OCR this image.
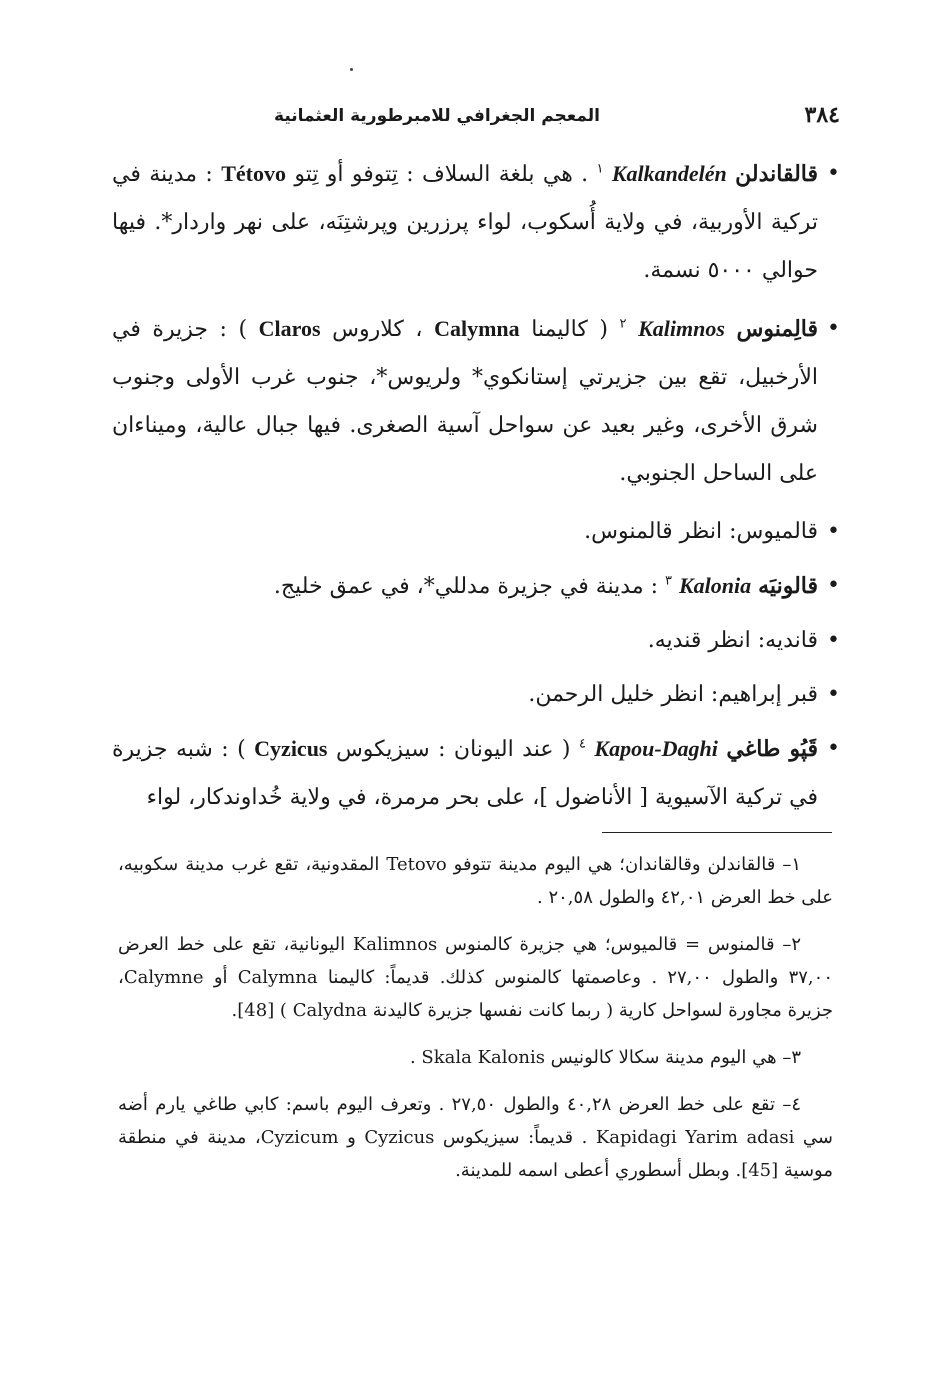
٣٨٤
المعجم الجغرافي للامبرطورية العثمانية

•
قالقاندلن Kalkandelén $^١$ . هي بلغة السلاف : تِتوفو أو تِتو Tétovo : مدينة في تركية الأوربية، في ولاية أُسكوب، لواء پرزرين وپرشتِنَه، على نهر واردار*. فيها حوالي ٥٠٠٠ نسمة.

•
قالِمنوس Kalimnos $^٢$ ( كاليمنا Calymna ، كلاروس Claros ) : جزيرة في الأرخبيل، تقع بين جزيرتي إستانكوي* ولريوس*، جنوب غرب الأولى وجنوب شرق الأخرى، وغير بعيد عن سواحل آسية الصغرى. فيها جبال عالية، وميناءان على الساحل الجنوبي.

•
قالميوس: انظر قالمنوس.

•
قالونيَه Kalonia $^٣$ : مدينة في جزيرة مدللي*، في عمق خليج.

•
قانديه: انظر قنديه.

•
قبر إبراهيم: انظر خليل الرحمن.

•
قَپُو طاغي Kapou-Daghi $^٤$ ( عند اليونان : سيزيكوس Cyzicus ) : شبه جزيرة في تركية الآسيوية [ الأناضول ]، على بحر مرمرة، في ولاية خُداوندكار، لواء

١– قالقاندلن وقالقاندان؛ هي اليوم مدينة تتوفو Tetovo المقدونية، تقع غرب مدينة سكوبيه، على خط العرض ٤٢,٠١ والطول ٢٠,٥٨ .

٢– قالمنوس = قالميوس؛ هي جزيرة كالمنوس Kalimnos اليونانية، تقع على خط العرض ٣٧,٠٠ والطول ٢٧,٠٠ . وعاصمتها كالمنوس كذلك. قديماً: كاليمنا Calymna أو Calymne، جزيرة مجاورة لسواحل كارية ( ربما كانت نفسها جزيرة كاليدنة Calydna ) [48].

٣– هي اليوم مدينة سكالا كالونيس Skala Kalonis .

٤– تقع على خط العرض ٤٠,٢٨ والطول ٢٧,٥٠ . وتعرف اليوم باسم: كابي طاغي يارم أضه سي Kapidagi Yarim adasi . قديماً: سيزيكوس Cyzicus و Cyzicum، مدينة في منطقة موسية [45]. وبطل أسطوري أعطى اسمه للمدينة.
